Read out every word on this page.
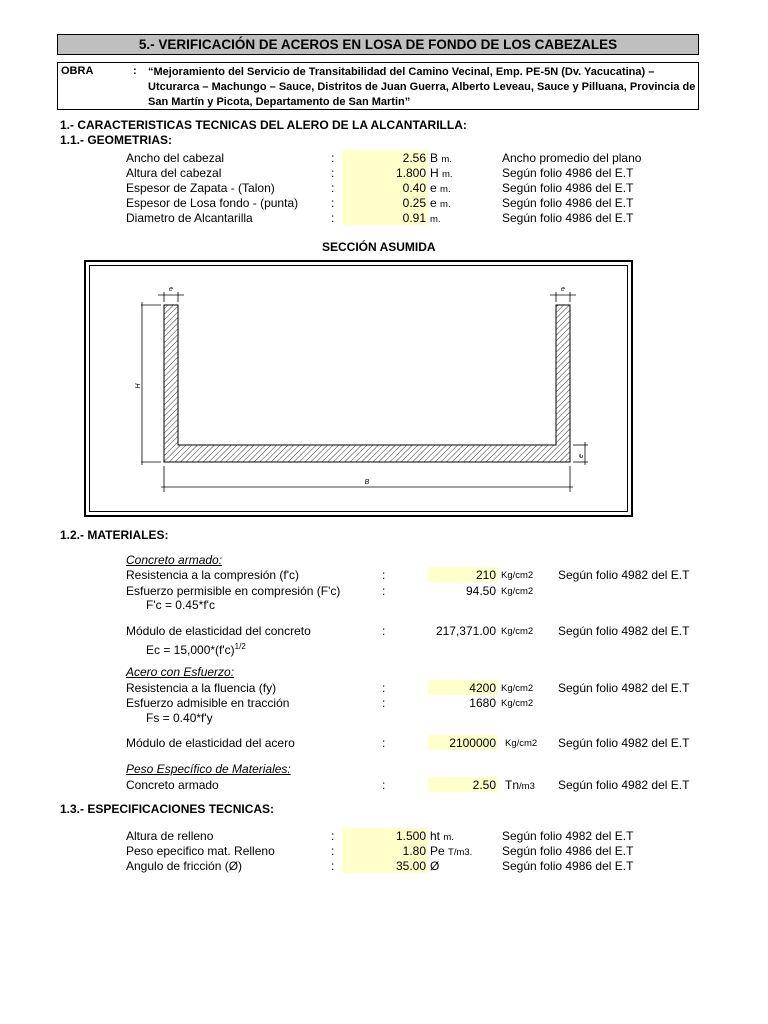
5.- VERIFICACIÓN DE ACEROS EN LOSA DE FONDO DE LOS CABEZALES
OBRA	: “Mejoramiento del Servicio de Transitabilidad del Camino Vecinal, Emp. PE-5N (Dv. Yacucatina) – Utcurarca – Machungo – Sauce, Distritos de Juan Guerra, Alberto Leveau, Sauce y Pilluana, Provincia de San Martín y Picota, Departamento de San Martin”
1.- CARACTERISTICAS TECNICAS DEL ALERO DE LA ALCANTARILLA:
1.1.- GEOMETRIAS:
Ancho del cabezal	:	2.56 B m.	Ancho promedio del plano
Altura del cabezal	:	1.800 H m.	Según folio 4986 del E.T
Espesor de Zapata - (Talon)	:	0.40 e m.	Según folio 4986 del E.T
Espesor de Losa fondo - (punta)	:	0.25 e m.	Según folio 4986 del E.T
Diametro de Alcantarilla	:	0.91 m.	Según folio 4986 del E.T
SECCIÓN ASUMIDA
e	e
H
e
B
1.2.- MATERIALES:
Concreto armado:
Resistencia a la compresión (f'c)	:	210 Kg/cm2 Según folio 4982 del E.T
Esfuerzo permisible en compresión (F'c)	:	94.50 Kg/cm2
F'c = 0.45*f'c
Módulo de elasticidad del concreto	:	217,371.00 Kg/cm2 Según folio 4982 del E.T
$Ec = 15,000*(f'c)^{1/2}$
Acero con Esfuerzo:
Resistencia a la fluencia (fy)	:	4200 Kg/cm2 Según folio 4982 del E.T
Esfuerzo admisible en tracción	:	1680 Kg/cm2
Fs = 0.40*f'y
Módulo de elasticidad del acero	:	2100000 Kg/cm2 Según folio 4982 del E.T
Peso Específico de Materiales:
Concreto armado	:	2.50 Tn/m3 Según folio 4982 del E.T
1.3.- ESPECIFICACIONES TECNICAS:
Altura de relleno	:	1.500 ht m.	Según folio 4982 del E.T
Peso epecifico mat. Relleno	:	1.80 Pe T/m3. Según folio 4986 del E.T
Angulo de fricción (Ø)	:	35.00 Ø	Según folio 4986 del E.T
